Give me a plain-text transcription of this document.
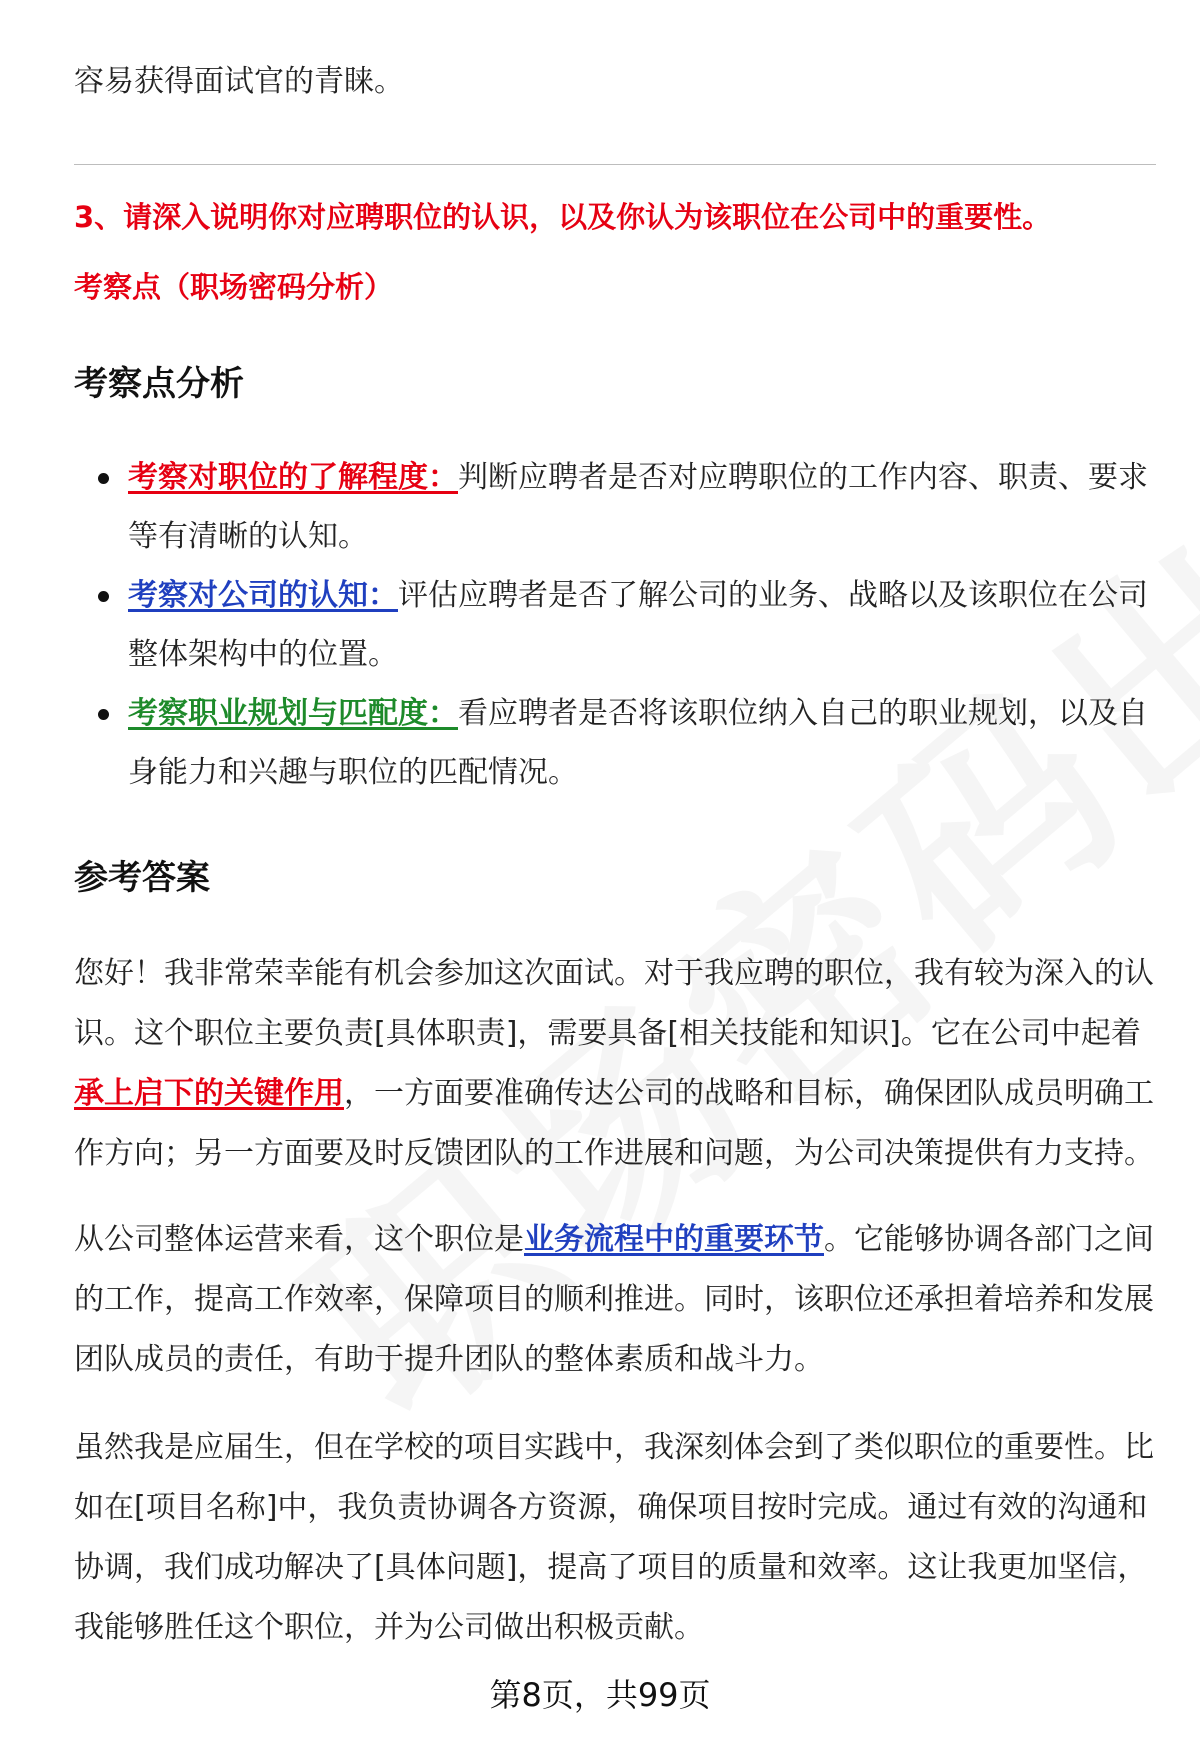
容易获得面试官的青睐。
3、请深入说明你对应聘职位的认识，以及你认为该职位在公司中的重要性。
考察点（职场密码分析）
考察点分析
考察对职位的了解程度：判断应聘者是否对应聘职位的工作内容、职责、要求等有清晰的认知。
考察对公司的认知：评估应聘者是否了解公司的业务、战略以及该职位在公司整体架构中的位置。
考察职业规划与匹配度：看应聘者是否将该职位纳入自己的职业规划，以及自身能力和兴趣与职位的匹配情况。
参考答案
您好！我非常荣幸能有机会参加这次面试。对于我应聘的职位，我有较为深入的认识。这个职位主要负责[具体职责]，需要具备[相关技能和知识]。它在公司中起着承上启下的关键作用，一方面要准确传达公司的战略和目标，确保团队成员明确工作方向；另一方面要及时反馈团队的工作进展和问题，为公司决策提供有力支持。
从公司整体运营来看，这个职位是业务流程中的重要环节。它能够协调各部门之间的工作，提高工作效率，保障项目的顺利推进。同时，该职位还承担着培养和发展团队成员的责任，有助于提升团队的整体素质和战斗力。
虽然我是应届生，但在学校的项目实践中，我深刻体会到了类似职位的重要性。比如在[项目名称]中，我负责协调各方资源，确保项目按时完成。通过有效的沟通和协调，我们成功解决了[具体问题]，提高了项目的质量和效率。这让我更加坚信，我能够胜任这个职位，并为公司做出积极贡献。
第8页，共99页
